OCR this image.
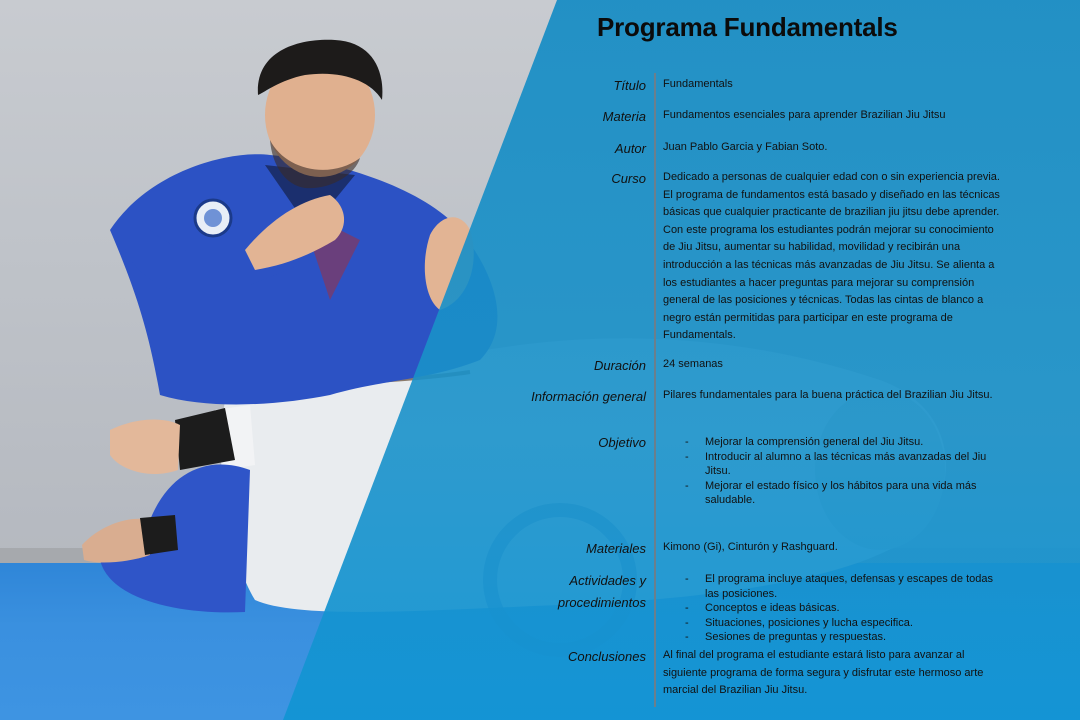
Programa Fundamentals
Título Fundamentals
Materia Fundamentos esenciales para aprender Brazilian Jiu Jitsu
Autor Juan Pablo Garcia y Fabian Soto.
Curso Dedicado a personas de cualquier edad con o sin experiencia previa. El programa de fundamentos está basado y diseñado en las técnicas básicas que cualquier practicante de brazilian jiu jitsu debe aprender. Con este programa los estudiantes podrán mejorar su conocimiento de Jiu Jitsu, aumentar su habilidad, movilidad y recibirán una introducción a las técnicas más avanzadas de Jiu Jitsu. Se alienta a los estudiantes a hacer preguntas para mejorar su comprensión general de las posiciones y técnicas. Todas las cintas de blanco a negro están permitidas para participar en este programa de Fundamentals.
Duración 24 semanas
Información general Pilares fundamentales para la buena práctica del Brazilian Jiu Jitsu.
Objetivo	- Mejorar la comprensión general del Jiu Jitsu.
- Introducir al alumno a las técnicas más avanzadas del Jiu Jitsu.
- Mejorar el estado físico y los hábitos para una vida más saludable.
Materiales Kimono (Gi), Cinturón y Rashguard.
Actividades y
procedimientos
- El programa incluye ataques, defensas y escapes de todas las posiciones.
- Conceptos e ideas básicas.
- Situaciones, posiciones y lucha especifica.
- Sesiones de preguntas y respuestas.
Conclusiones Al final del programa el estudiante estará listo para avanzar al siguiente programa de forma segura y disfrutar este hermoso arte marcial del Brazilian Jiu Jitsu.
